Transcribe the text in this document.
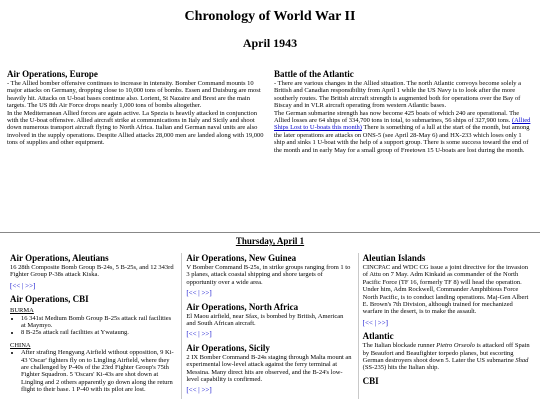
Chronology of World War II
April 1943
Air Operations, Europe

- The Allied bomber offensive continues to increase in intensity. Bomber Command mounts 10 major attacks on Germany, dropping close to 10,000 tons of bombs. Essen and Duisburg are most heavily hit. Attacks on U-boat bases continue also. Lorient, St Nazaire and Brest are the main targets. The US 8th Air Force drops nearly 1,000 tons of bombs altogether.

In the Mediterranean Allied forces are again active. La Spezia is heavily attacked in conjunction with the U-boat offensive. Allied aircraft strike at communications in Italy and Sicily and shoot down numerous transport aircraft flying to North Africa. Italian and German naval units are also involved in the supply operations. Despite Allied attacks 28,000 men are landed along with 19,000 tons of supplies and other equipment.

Battle of the Atlantic

- There are various changes in the Allied situation. The north Atlantic convoys become solely a British and Canadian responsibility from April 1 while the US Navy is to look after the more southerly routes. The British aircraft strength is augmented both for operations over the Bay of Biscay and in VLR aircraft operating from western Atlantic bases.

The German submarine strength has now become 425 boats of which 240 are operational. The Allied losses are 64 ships of 334,700 tons in total, to submarines, 56 ships of 327,900 tons. (Allied Ships Lost to U-boats this month) There is something of a lull at the start of the month, but among the later operations are attacks on ONS-5 (see April 28-May 6) and HX-233 which loses only 1 ship and sinks 1 U-boat with the help of a support group. There is some success toward the end of the month and in early May for a small group of Freetown 15 U-boats are lost during the month.

Thursday, April 1
Air Operations, Aleutians

16 28th Composite Bomb Group B-24s, 5 B-25s, and 12 343rd Fighter Group P-38s attack Kiska.

[<< | >>]
Air Operations, CBI
BURMA
• 16 341st Medium Bomb Group B-25s attack rail facilities at Maymyo.
• 8 B-25s attack rail facilities at Ywataung.
CHINA
• After strafing Hengyang Airfield without opposition, 9 Ki-43 'Oscar' fighters fly on to Lingling Airfield, where they are challenged by P-40s of the 23rd Fighter Group's 75th Fighter Squadron. 5 'Oscars' Ki-43s are shot down at Lingling and 2 others apparently go down along the return flight to their base. 1 P-40 with its pilot are lost.
Air Operations, New Guinea

V Bomber Command B-25s, in strike groups ranging from 1 to 3 planes, attack coastal shipping and shore targets of opportunity over a wide area.

[<< | >>]
Air Operations, North Africa

El Maou airfield, near Sfax, is bombed by British, American and South African aircraft.

[<< | >>]
Air Operations, Sicily

2 IX Bomber Command B-24s staging through Malta mount an experimental low-level attack against the ferry terminal at Messina. Many direct hits are observed, and the B-24's low-level capability is confirmed.

[<< | >>]
Aleutian Islands

CINCPAC and WDC CG issue a joint directive for the invasion of Attu on 7 May. Adm Kinkaid as commander of the North Pacific Force (TF 16, formerly TF 8) will head the operation. Under him, Adm Rockwell, Commander Amphibious Force North Pacific, is to conduct landing operations. Maj-Gen Albert E. Brown's 7th Division, although trained for mechanized warfare in the desert, is to make the assault.

[<< | >>]
Atlantic

The Italian blockade runner Pietro Orseolo is attacked off Spain by Beaufort and Beaufighter torpedo planes, but escorting German destroyers shoot down 5. Later the US submarine Shad (SS-235) hits the Italian ship.

CBI
